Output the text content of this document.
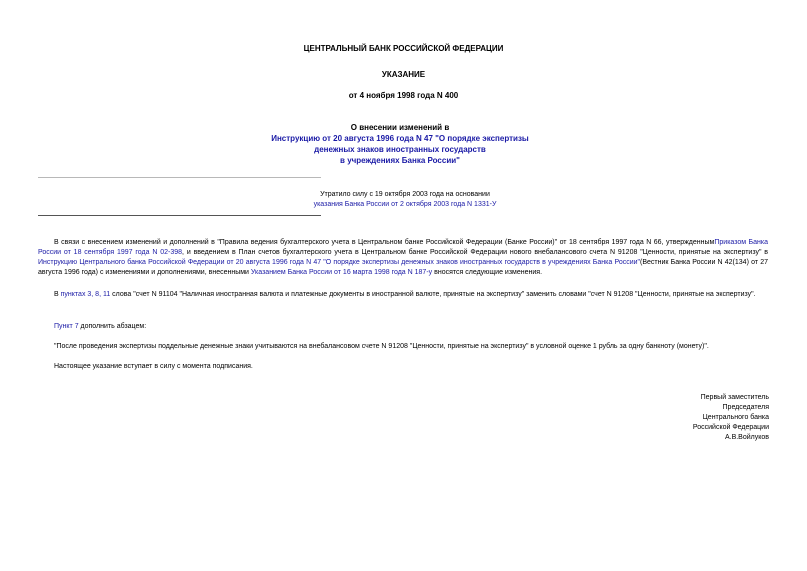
ЦЕНТРАЛЬНЫЙ БАНК РОССИЙСКОЙ ФЕДЕРАЦИИ
УКАЗАНИЕ
от 4 ноября 1998 года N 400
О внесении изменений в
Инструкцию от 20 августа 1996 года N 47 "О порядке экспертизы
денежных знаков иностранных государств
в учреждениях Банка России"
Утратило силу с 19 октября 2003 года на основании
указания Банка России от 2 октября 2003 года N 1331-У
В связи с внесением изменений и дополнений в "Правила ведения бухгалтерского учета в Центральном банке Российской Федерации (Банке России)" от 18 сентября 1997 года N 66, утвержденнымПриказом Банка России от 18 сентября 1997 года N 02-398, и введением в План счетов бухгалтерского учета в Центральном банке Российской Федерации нового внебалансового счета N 91208 "Ценности, принятые на экспертизу" в Инструкцию Центрального банка Российской Федерации от 20 августа 1996 года N 47 "О порядке экспертизы денежных знаков иностранных государств в учреждениях Банка России"(Вестник Банка России N 42(134) от 27 августа 1996 года) с изменениями и дополнениями, внесенными Указанием Банка России от 16 марта 1998 года N 187-у вносятся следующие изменения.
В пунктах 3, 8, 11 слова "счет N 91104 "Наличная иностранная валюта и платежные документы в иностранной валюте, принятые на экспертизу" заменить словами "счет N 91208 "Ценности, принятые на экспертизу".
Пункт 7 дополнить абзацем:
"После проведения экспертизы поддельные денежные знаки учитываются на внебалансовом счете N 91208 "Ценности, принятые на экспертизу" в условной оценке 1 рубль за одну банкноту (монету)".
Настоящее указание вступает в силу с момента подписания.
Первый заместитель
Председателя
Центрального банка
Российской Федерации
А.В.Войлуков
